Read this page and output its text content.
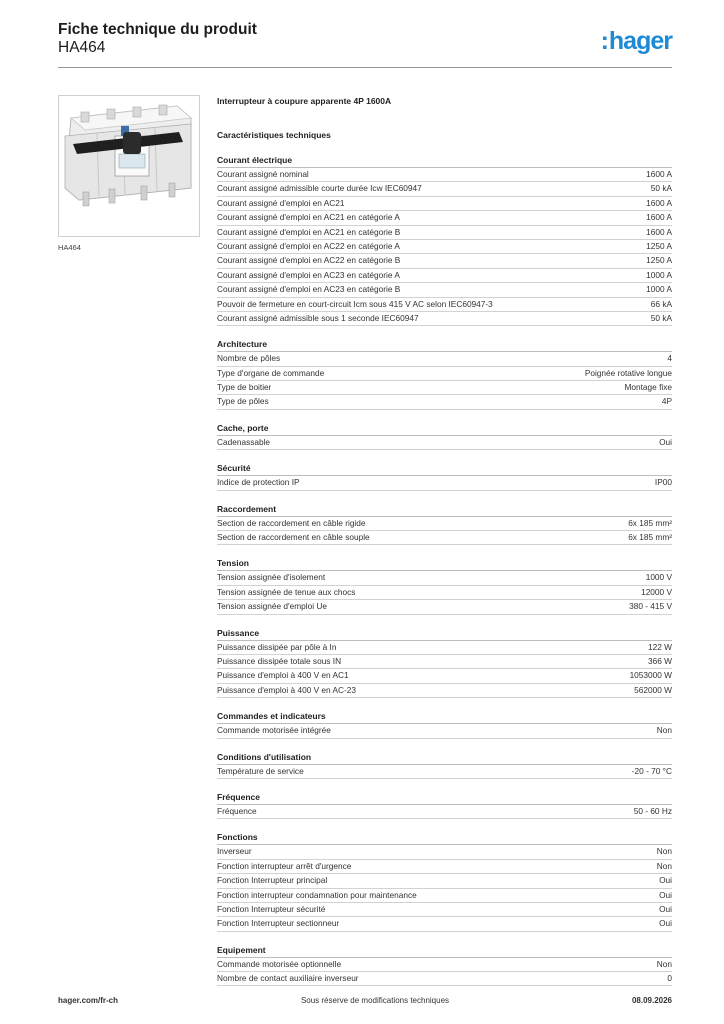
Fiche technique du produit
HA464	:hager
HA464
Interrupteur à coupure apparente 4P 1600A
Caractéristiques techniques
Courant électrique
Courant assigné nominal	1600 A
Courant assigné admissible courte durée Icw IEC60947	50 kA
Courant assigné d'emploi en AC21	1600 A
Courant assigné d'emploi en AC21 en catégorie A	1600 A
Courant assigné d'emploi en AC21 en catégorie B	1600 A
Courant assigné d'emploi en AC22 en catégorie A	1250 A
Courant assigné d'emploi en AC22 en catégorie B	1250 A
Courant assigné d'emploi en AC23 en catégorie A	1000 A
Courant assigné d'emploi en AC23 en catégorie B	1000 A
Pouvoir de fermeture en court-circuit Icm sous 415 V AC selon IEC60947-3	66 kA
Courant assigné admissible sous 1 seconde IEC60947	50 kA
Architecture
Nombre de pôles	4
Type d'organe de commande	Poignée rotative longue
Type de boitier	Montage fixe
Type de pôles	4P
Cache, porte
Cadenassable	Oui
Sécurité
Indice de protection IP	IP00
Raccordement
Section de raccordement en câble rigide	6x 185 mm²
Section de raccordement en câble souple	6x 185 mm²
Tension
Tension assignée d'isolement	1000 V
Tension assignée de tenue aux chocs	12000 V
Tension assignée d'emploi Ue	380 - 415 V
Puissance
Puissance dissipée par pôle à In	122 W
Puissance dissipée totale sous IN	366 W
Puissance d'emploi à 400 V en AC1	1053000 W
Puissance d'emploi à 400 V en AC-23	562000 W
Commandes et indicateurs
Commande motorisée intégrée	Non
Conditions d'utilisation
Température de service	-20 - 70 °C
Fréquence
Fréquence	50 - 60 Hz
Fonctions
Inverseur	Non
Fonction interrupteur arrêt d'urgence	Non
Fonction Interrupteur principal	Oui
Fonction interrupteur condamnation pour maintenance	Oui
Fonction Interrupteur sécurité	Oui
Fonction Interrupteur sectionneur	Oui
Equipement
Commande motorisée optionnelle	Non
Nombre de contact auxiliaire inverseur	0
hager.com/fr-ch	Sous réserve de modifications techniques	08.09.2026
